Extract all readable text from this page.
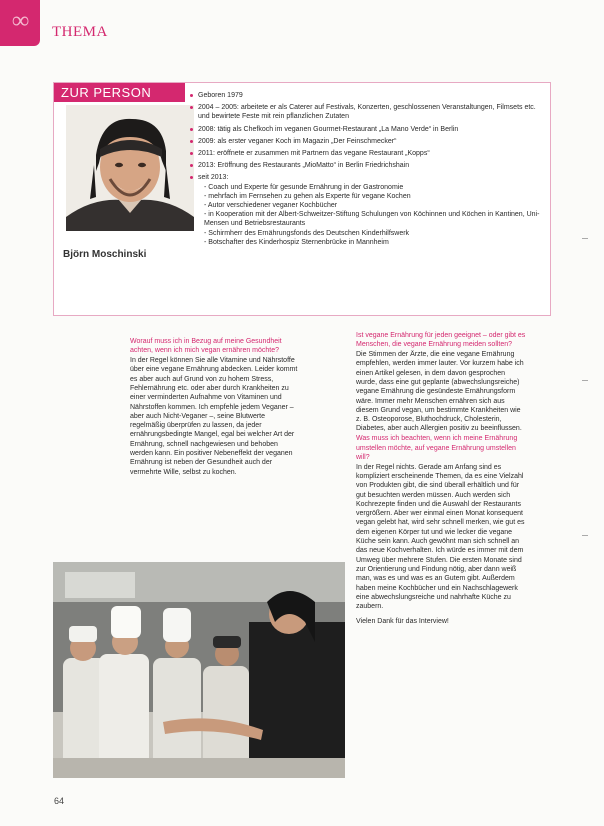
∞ THEMA
ZUR PERSON
Björn Moschinski
Geboren 1979
2004 – 2005: arbeitete er als Caterer auf Festivals, Konzerten, geschlossenen Veranstaltungen, Filmsets etc. und bewirtete Feste mit rein pflanzlichen Zutaten
2008: tätig als Chefkoch im veganen Gourmet-Restaurant „La Mano Verde“ in Berlin
2009: als erster veganer Koch im Magazin „Der Feinschmecker“
2011: eröffnete er zusammen mit Partnern das vegane Restaurant „Kopps“
2013: Eröffnung des Restaurants „MioMatto“ in Berlin Friedrichshain
seit 2013:
- Coach und Experte für gesunde Ernährung in der Gastronomie
- mehrfach im Fernsehen zu gehen als Experte für vegane Kochen
- Autor verschiedener veganer Kochbücher
- in Kooperation mit der Albert-Schweitzer-Stiftung Schulungen von Köchinnen und Köchen in Kantinen, Uni-Mensen und Betriebsrestaurants
- Schirmherr des Ernährungsfonds des Deutschen Kinderhilfswerk
- Botschafter des Kinderhospiz Sternenbrücke in Mannheim

Worauf muss ich in Bezug auf meine Gesundheit achten, wenn ich mich vegan ernähren möchte?

In der Regel können Sie alle Vitamine und Nährstoffe über eine vegane Ernährung abdecken. Leider kommt es aber auch auf Grund von zu hohem Stress, Fehlernährung etc. oder aber durch Krankheiten zu einer verminderten Aufnahme von Vitaminen und Nährstoffen kommen. Ich empfehle jedem Veganer – aber auch Nicht-Veganer –, seine Blutwerte regelmäßig überprüfen zu lassen, da jeder ernährungsbedingte Mangel, egal bei welcher Art der Ernährung, schnell nachgewiesen und behoben werden kann. Ein positiver Nebeneffekt der veganen Ernährung ist neben der Gesundheit auch der vermehrte Wille, selbst zu kochen.

Ist vegane Ernährung für jeden geeignet – oder gibt es Menschen, die vegane Ernährung meiden sollten?

Die Stimmen der Ärzte, die eine vegane Ernährung empfehlen, werden immer lauter. Vor kurzem habe ich einen Artikel gelesen, in dem davon gesprochen wurde, dass eine gut geplante (abwechslungsreiche) vegane Ernährung die gesündeste Ernährungsform wäre. Immer mehr Menschen ernähren sich aus diesem Grund vegan, um bestimmte Krankheiten wie z. B. Osteoporose, Bluthochdruck, Cholesterin, Diabetes, aber auch Allergien positiv zu beeinflussen.

Was muss ich beachten, wenn ich meine Ernährung umstellen möchte, auf vegane Ernährung umstellen will?

In der Regel nichts. Gerade am Anfang sind es kompliziert erscheinende Themen, da es eine Vielzahl von Produkten gibt, die sind überall erhältlich und für gut besuchten werden müssen. Auch werden sich Kochrezepte finden und die Auswahl der Restaurants vergrößern. Aber wer einmal einen Monat konsequent vegan gelebt hat, wird sehr schnell merken, wie gut es dem eigenen Körper tut und wie lecker die vegane Küche sein kann. Auch gewöhnt man sich schnell an das neue Kochverhalten. Ich würde es immer mit dem Umweg über mehrere Stufen. Die ersten Monate sind zur Orientierung und Findung nötig, aber dann weiß man, was es und was es an Gutem gibt. Außerdem haben meine Kochbücher und ein Nachschlagewerk eine abwechslungsreiche und nahrhafte Küche zu zaubern.

Vielen Dank für das Interview!

64
